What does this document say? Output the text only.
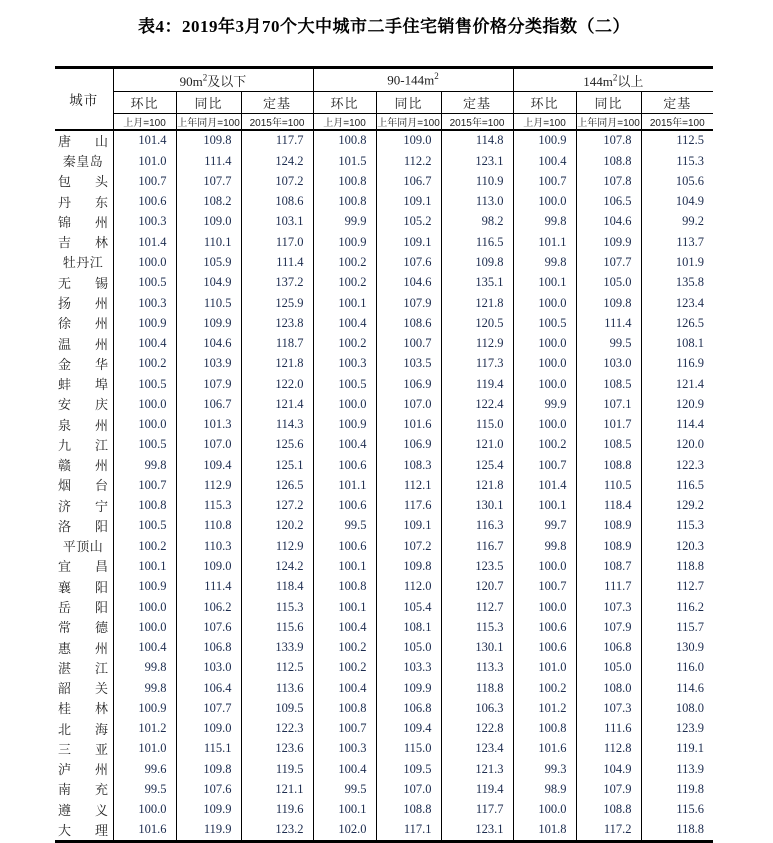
表4：2019年3月70个大中城市二手住宅销售价格分类指数（二）
城市	$90m^2$及以下			$90-144m^2$			$144m^2$以上		
	环比	同比	定基	环比	同比	定基	环比	同比	定基
	上月=100	上年同月=100	2015年=100	上月=100	上年同月=100	2015年=100	上月=100	上年同月=100	2015年=100

唐 山	101.4	109.8	117.7	100.8	109.0	114.8	100.9	107.8	112.5

秦 皇 岛	101.0	111.4	124.2	101.5	112.2	123.1	100.4	108.8	115.3

包 头	100.7	107.7	107.2	100.8	106.7	110.9	100.7	107.8	105.6

丹 东	100.6	108.2	108.6	100.8	109.1	113.0	100.0	106.5	104.9

锦 州	100.3	109.0	103.1	99.9	105.2	98.2	99.8	104.6	99.2

吉 林	101.4	110.1	117.0	100.9	109.1	116.5	101.1	109.9	113.7

牡 丹 江	100.0	105.9	111.4	100.2	107.6	109.8	99.8	107.7	101.9

无 锡	100.5	104.9	137.2	100.2	104.6	135.1	100.1	105.0	135.8

扬 州	100.3	110.5	125.9	100.1	107.9	121.8	100.0	109.8	123.4

徐 州	100.9	109.9	123.8	100.4	108.6	120.5	100.5	111.4	126.5

温 州	100.4	104.6	118.7	100.2	100.7	112.9	100.0	99.5	108.1

金 华	100.2	103.9	121.8	100.3	103.5	117.3	100.0	103.0	116.9

蚌 埠	100.5	107.9	122.0	100.5	106.9	119.4	100.0	108.5	121.4

安 庆	100.0	106.7	121.4	100.0	107.0	122.4	99.9	107.1	120.9

泉 州	100.0	101.3	114.3	100.9	101.6	115.0	100.0	101.7	114.4

九 江	100.5	107.0	125.6	100.4	106.9	121.0	100.2	108.5	120.0

赣 州	99.8	109.4	125.1	100.6	108.3	125.4	100.7	108.8	122.3

烟 台	100.7	112.9	126.5	101.1	112.1	121.8	101.4	110.5	116.5

济 宁	100.8	115.3	127.2	100.6	117.6	130.1	100.1	118.4	129.2

洛 阳	100.5	110.8	120.2	99.5	109.1	116.3	99.7	108.9	115.3

平 顶 山	100.2	110.3	112.9	100.6	107.2	116.7	99.8	108.9	120.3

宜 昌	100.1	109.0	124.2	100.1	109.8	123.5	100.0	108.7	118.8

襄 阳	100.9	111.4	118.4	100.8	112.0	120.7	100.7	111.7	112.7

岳 阳	100.0	106.2	115.3	100.1	105.4	112.7	100.0	107.3	116.2

常 德	100.0	107.6	115.6	100.4	108.1	115.3	100.6	107.9	115.7

惠 州	100.4	106.8	133.9	100.2	105.0	130.1	100.6	106.8	130.9

湛 江	99.8	103.0	112.5	100.2	103.3	113.3	101.0	105.0	116.0

韶 关	99.8	106.4	113.6	100.4	109.9	118.8	100.2	108.0	114.6

桂 林	100.9	107.7	109.5	100.8	106.8	106.3	101.2	107.3	108.0

北 海	101.2	109.0	122.3	100.7	109.4	122.8	100.8	111.6	123.9

三 亚	101.0	115.1	123.6	100.3	115.0	123.4	101.6	112.8	119.1

泸 州	99.6	109.8	119.5	100.4	109.5	121.3	99.3	104.9	113.9

南 充	99.5	107.6	121.1	99.5	107.0	119.4	98.9	107.9	119.8

遵 义	100.0	109.9	119.6	100.1	108.8	117.7	100.0	108.8	115.6

大 理	101.6	119.9	123.2	102.0	117.1	123.1	101.8	117.2	118.8
